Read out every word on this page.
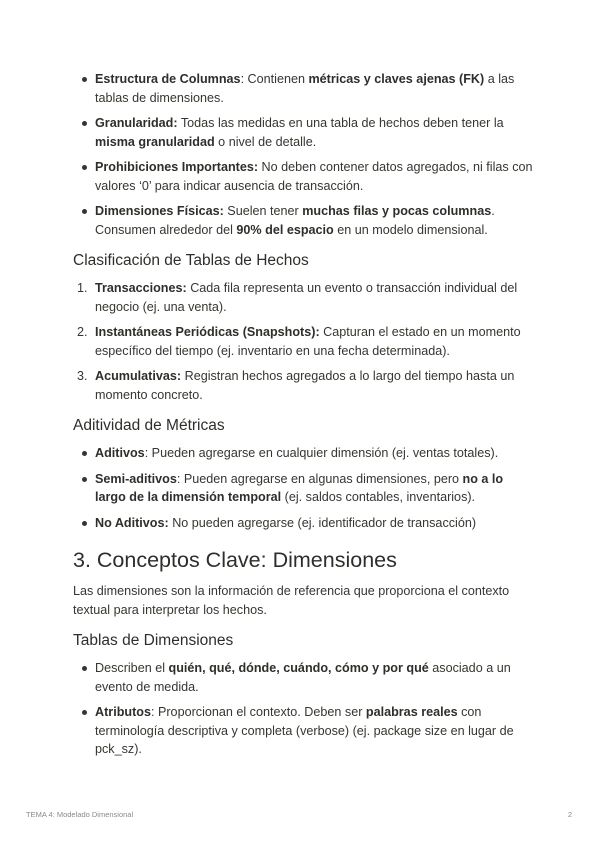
Estructura de Columnas: Contienen métricas y claves ajenas (FK) a las tablas de dimensiones.
Granularidad: Todas las medidas en una tabla de hechos deben tener la misma granularidad o nivel de detalle.
Prohibiciones Importantes: No deben contener datos agregados, ni filas con valores ‘0’ para indicar ausencia de transacción.
Dimensiones Físicas: Suelen tener muchas filas y pocas columnas. Consumen alrededor del 90% del espacio en un modelo dimensional.
Clasificación de Tablas de Hechos
1. Transacciones: Cada fila representa un evento o transacción individual del negocio (ej. una venta).
2. Instantáneas Periódicas (Snapshots): Capturan el estado en un momento específico del tiempo (ej. inventario en una fecha determinada).
3. Acumulativas: Registran hechos agregados a lo largo del tiempo hasta un momento concreto.
Aditividad de Métricas
Aditivos: Pueden agregarse en cualquier dimensión (ej. ventas totales).
Semi-aditivos: Pueden agregarse en algunas dimensiones, pero no a lo largo de la dimensión temporal (ej. saldos contables, inventarios).
No Aditivos: No pueden agregarse (ej. identificador de transacción)
3. Conceptos Clave: Dimensiones

Las dimensiones son la información de referencia que proporciona el contexto textual para interpretar los hechos.

Tablas de Dimensiones
Describen el quién, qué, dónde, cuándo, cómo y por qué asociado a un evento de medida.
Atributos: Proporcionan el contexto. Deben ser palabras reales con terminología descriptiva y completa (verbose) (ej. package size en lugar de pck_sz).
TEMA 4: Modelado Dimensional	2
